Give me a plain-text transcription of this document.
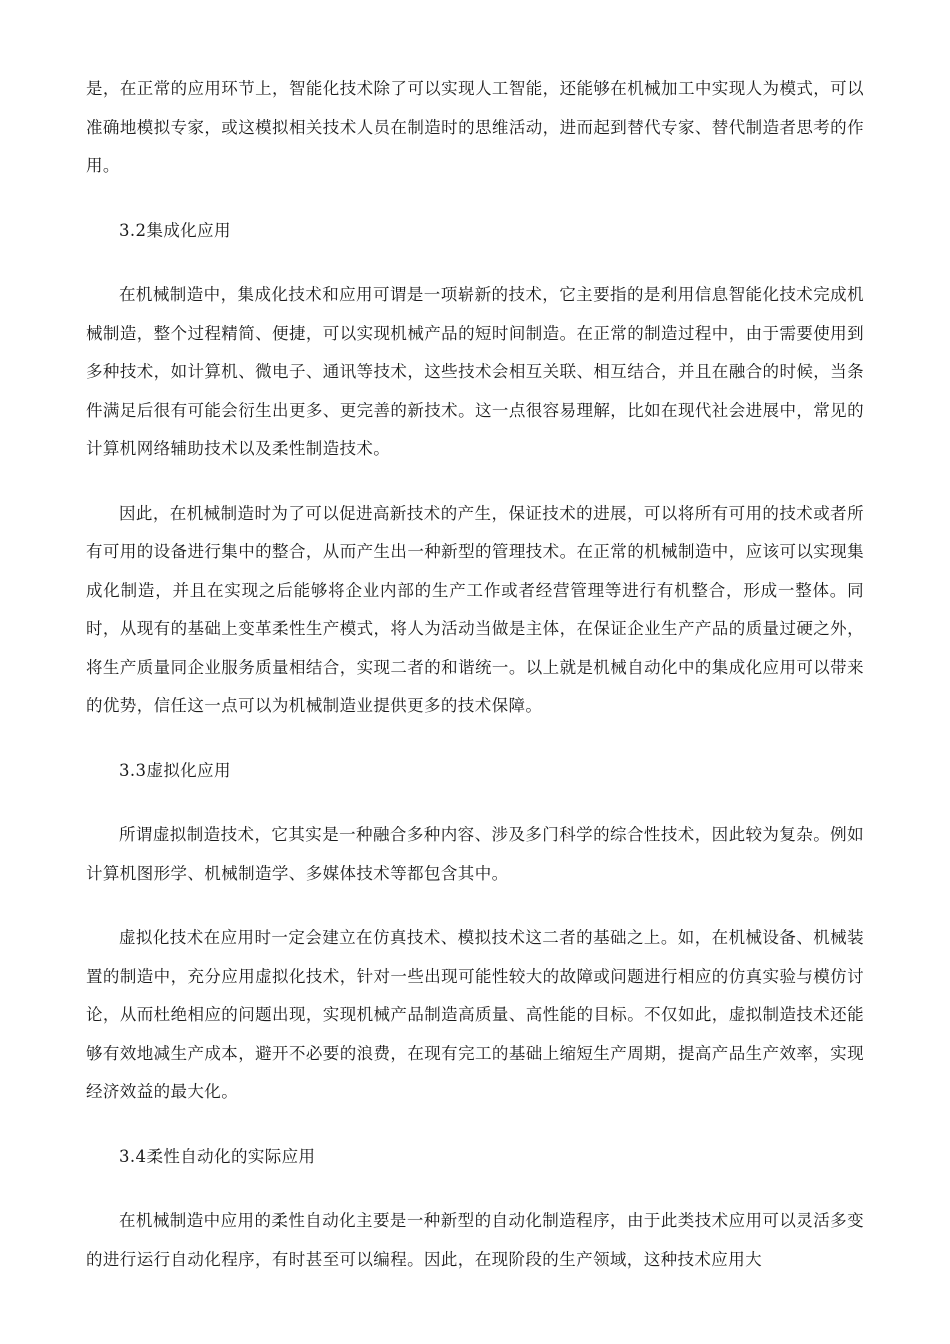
是，在正常的应用环节上，智能化技术除了可以实现人工智能，还能够在机械加工中实现人为模式，可以准确地模拟专家，或这模拟相关技术人员在制造时的思维活动，进而起到替代专家、替代制造者思考的作用。

3.2集成化应用

在机械制造中，集成化技术和应用可谓是一项崭新的技术，它主要指的是利用信息智能化技术完成机械制造，整个过程精简、便捷，可以实现机械产品的短时间制造。在正常的制造过程中，由于需要使用到多种技术，如计算机、微电子、通讯等技术，这些技术会相互关联、相互结合，并且在融合的时候，当条件满足后很有可能会衍生出更多、更完善的新技术。这一点很容易理解，比如在现代社会进展中，常见的计算机网络辅助技术以及柔性制造技术。

因此，在机械制造时为了可以促进高新技术的产生，保证技术的进展，可以将所有可用的技术或者所有可用的设备进行集中的整合，从而产生出一种新型的管理技术。在正常的机械制造中，应该可以实现集成化制造，并且在实现之后能够将企业内部的生产工作或者经营管理等进行有机整合，形成一整体。同时，从现有的基础上变革柔性生产模式，将人为活动当做是主体，在保证企业生产产品的质量过硬之外，将生产质量同企业服务质量相结合，实现二者的和谐统一。以上就是机械自动化中的集成化应用可以带来的优势，信任这一点可以为机械制造业提供更多的技术保障。

3.3虚拟化应用

所谓虚拟制造技术，它其实是一种融合多种内容、涉及多门科学的综合性技术，因此较为复杂。例如计算机图形学、机械制造学、多媒体技术等都包含其中。

虚拟化技术在应用时一定会建立在仿真技术、模拟技术这二者的基础之上。如，在机械设备、机械装置的制造中，充分应用虚拟化技术，针对一些出现可能性较大的故障或问题进行相应的仿真实验与模仿讨论，从而杜绝相应的问题出现，实现机械产品制造高质量、高性能的目标。不仅如此，虚拟制造技术还能够有效地减生产成本，避开不必要的浪费，在现有完工的基础上缩短生产周期，提高产品生产效率，实现经济效益的最大化。

3.4柔性自动化的实际应用

在机械制造中应用的柔性自动化主要是一种新型的自动化制造程序，由于此类技术应用可以灵活多变的进行运行自动化程序，有时甚至可以编程。因此，在现阶段的生产领域，这种技术应用大
